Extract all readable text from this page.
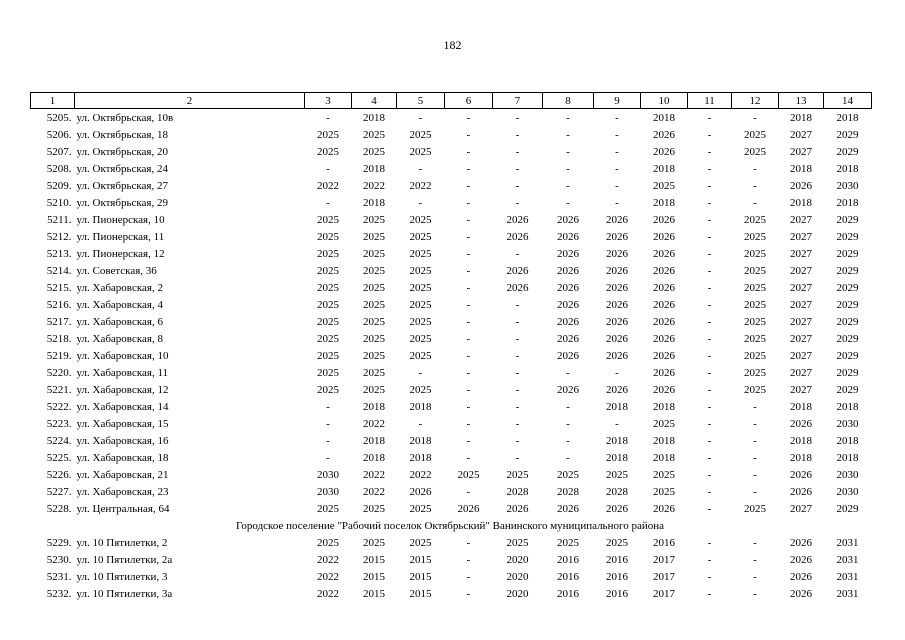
182
1	2	3	4	5	6	7	8	9	10	11	12	13	14
5205.	ул. Октябрьская, 10в	-	2018	-	-	-	-	-	2018	-	-	2018	2018
5206.	ул. Октябрьская, 18	2025	2025	2025	-	-	-	-	2026	-	2025	2027	2029
5207.	ул. Октябрьская, 20	2025	2025	2025	-	-	-	-	2026	-	2025	2027	2029
5208.	ул. Октябрьская, 24	-	2018	-	-	-	-	-	2018	-	-	2018	2018
5209.	ул. Октябрьская, 27	2022	2022	2022	-	-	-	-	2025	-	-	2026	2030
5210.	ул. Октябрьская, 29	-	2018	-	-	-	-	-	2018	-	-	2018	2018
5211.	ул. Пионерская, 10	2025	2025	2025	-	2026	2026	2026	2026	-	2025	2027	2029
5212.	ул. Пионерская, 11	2025	2025	2025	-	2026	2026	2026	2026	-	2025	2027	2029
5213.	ул. Пионерская, 12	2025	2025	2025	-	-	2026	2026	2026	-	2025	2027	2029
5214.	ул. Советская, 36	2025	2025	2025	-	2026	2026	2026	2026	-	2025	2027	2029
5215.	ул. Хабаровская, 2	2025	2025	2025	-	2026	2026	2026	2026	-	2025	2027	2029
5216.	ул. Хабаровская, 4	2025	2025	2025	-	-	2026	2026	2026	-	2025	2027	2029
5217.	ул. Хабаровская, 6	2025	2025	2025	-	-	2026	2026	2026	-	2025	2027	2029
5218.	ул. Хабаровская, 8	2025	2025	2025	-	-	2026	2026	2026	-	2025	2027	2029
5219.	ул. Хабаровская, 10	2025	2025	2025	-	-	2026	2026	2026	-	2025	2027	2029
5220.	ул. Хабаровская, 11	2025	2025	-	-	-	-	-	2026	-	2025	2027	2029
5221.	ул. Хабаровская, 12	2025	2025	2025	-	-	2026	2026	2026	-	2025	2027	2029
5222.	ул. Хабаровская, 14	-	2018	2018	-	-	-	2018	2018	-	-	2018	2018
5223.	ул. Хабаровская, 15	-	2022	-	-	-	-	-	2025	-	-	2026	2030
5224.	ул. Хабаровская, 16	-	2018	2018	-	-	-	2018	2018	-	-	2018	2018
5225.	ул. Хабаровская, 18	-	2018	2018	-	-	-	2018	2018	-	-	2018	2018
5226.	ул. Хабаровская, 21	2030	2022	2022	2025	2025	2025	2025	2025	-	-	2026	2030
5227.	ул. Хабаровская, 23	2030	2022	2026	-	2028	2028	2028	2025	-	-	2026	2030
5228.	ул. Центральная, 64	2025	2025	2025	2026	2026	2026	2026	2026	-	2025	2027	2029
Городское поселение "Рабочий поселок Октябрьский" Ванинского муниципального района													
5229.	ул. 10 Пятилетки, 2	2025	2025	2025	-	2025	2025	2025	2016	-	-	2026	2031
5230.	ул. 10 Пятилетки, 2а	2022	2015	2015	-	2020	2016	2016	2017	-	-	2026	2031
5231.	ул. 10 Пятилетки, 3	2022	2015	2015	-	2020	2016	2016	2017	-	-	2026	2031
5232.	ул. 10 Пятилетки, 3а	2022	2015	2015	-	2020	2016	2016	2017	-	-	2026	2031
